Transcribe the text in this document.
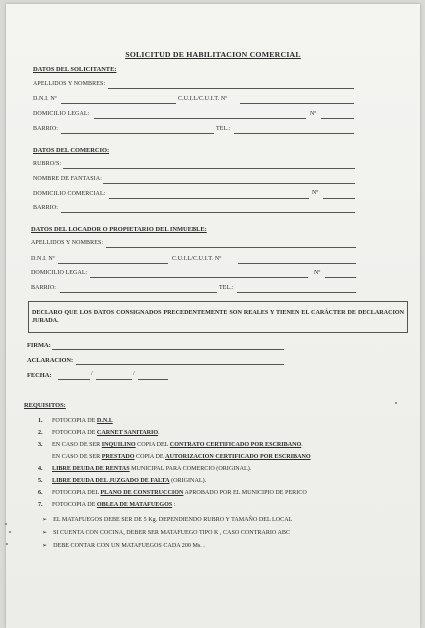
SOLICITUD DE HABILITACION COMERCIAL
DATOS DEL SOLICITANTE:
APELLIDOS Y NOMBRES:
D.N.I. Nº	C.U.I.L/C.U.I.T. Nº
DOMICILIO LEGAL:	Nº
BARRIO:	TEL.:
DATOS DEL COMERCIO:
RUBRO/S:
NOMBRE DE FANTASIA:
DOMICILIO COMERCIAL:	Nº
BARRIO:
DATOS DEL LOCADOR O PROPIETARIO DEL INMUEBLE:
APELLIDOS Y NOMBRES:
D.N.I. Nº	C.U.I.L/C.U.I.T. Nº
DOMICILIO LEGAL:	Nº
BARRIO:	TEL.:
DECLARO QUE LOS DATOS CONSIGNADOS PRECEDENTEMENTE SON REALES Y TIENEN EL CARÁCTER DE DECLARACION JURADA.
FIRMA:
ACLARACION:
FECHA:	/	/
REQUISITOS:
1. FOTOCOPIA DE D.N.I.
2. FOTOCOPIA DE CARNET SANITARIO.
3. EN CASO DE SER INQUILINO COPIA DEL CONTRATO CERTIFICADO POR ESCRIBANO.
EN CASO DE SER PRESTADO COPIA DE AUTORIZACION CERTIFICADO POR ESCRIBANO
4. LIBRE DEUDA DE RENTAS MUNICIPAL PARA COMERCIO (ORIGINAL).
5. LIBRE DEUDA DEL JUZGADO DE FALTA (ORIGINAL).
6. FOTOCOPIA DEL PLANO DE CONSTRUCCION APROBADO POR EL MUNICIPIO DE PERICO
7. FOTOCOPIA DE OBLEA DE MATAFUEGOS :
➢ EL MATAFUEGOS DEBE SER DE 5 Kg. DEPENDIENDO RUBRO Y TAMAÑO DEL LOCAL
➢ SI CUENTA CON COCINA, DEBER SER MATAFUEGO TIPO K , CASO CONTRARIO ABC
➢ DEBE CONTAR CON UN MATAFUEGOS CADA 200 Ms. .
